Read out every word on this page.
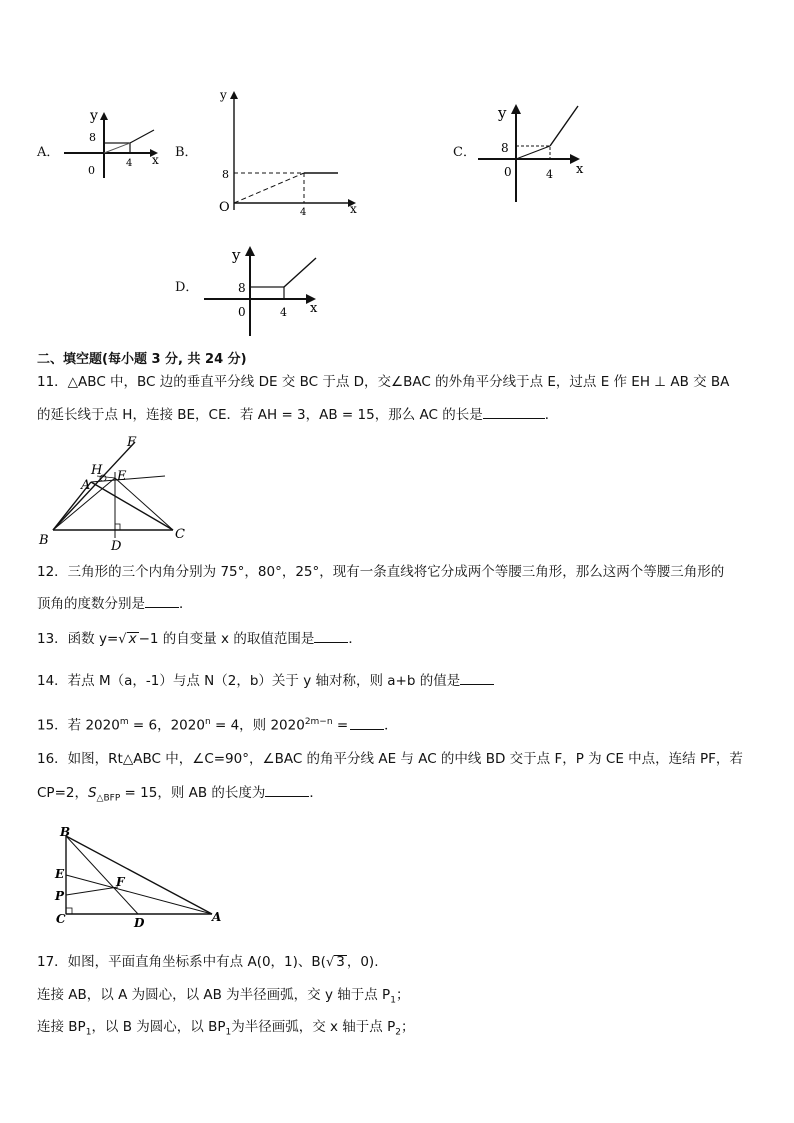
A．
y
8
0
4 x B．
y
8
O	4	x
C．
y
8
0	4 x
D．
y
8
0	4 x
二、填空题(每小题 3 分, 共 24 分)
11．△ABC 中，BC 边的垂直平分线 DE 交 BC 于点 D，交∠BAC 的外角平分线于点 E，过点 E 作 EH ⊥ AB 交 BA
的延长线于点 H，连接 BE，CE．若 AH = 3，AB = 15，那么 AC 的长是	．
F
H E
A
B	C
D
12．三角形的三个内角分别为 75°，80°，25°，现有一条直线将它分成两个等腰三角形，那么这两个等腰三角形的
顶角的度数分别是	．
13．函数 y=√ x −1 的自变量 x 的取值范围是	．
14．若点 M（a，-1）与点 N（2，b）关于 y 轴对称，则 a+b 的值是
15．若 $2020^m = 6$，$2020^n = 4$，则 $2020^{2m-n}$ =	．
16．如图，Rt△ABC 中，∠C=90°，∠BAC 的角平分线 AE 与 AC 的中线 BD 交于点 F，P 为 CE 中点，连结 PF，若
CP=2，$S_{\triangle BFP} = 15$，则 AB 的长度为	．
B
E
F
P
C	D	A
17．如图，平面直角坐标系中有点 A(0，1)、B(√ 3 ，0).
连接 AB，以 A 为圆心，以 AB 为半径画弧，交 y 轴于点 $P_1$；
连接 $BP_1$，以 B 为圆心，以 $BP_1$为半径画弧，交 x 轴于点 $P_2$；
